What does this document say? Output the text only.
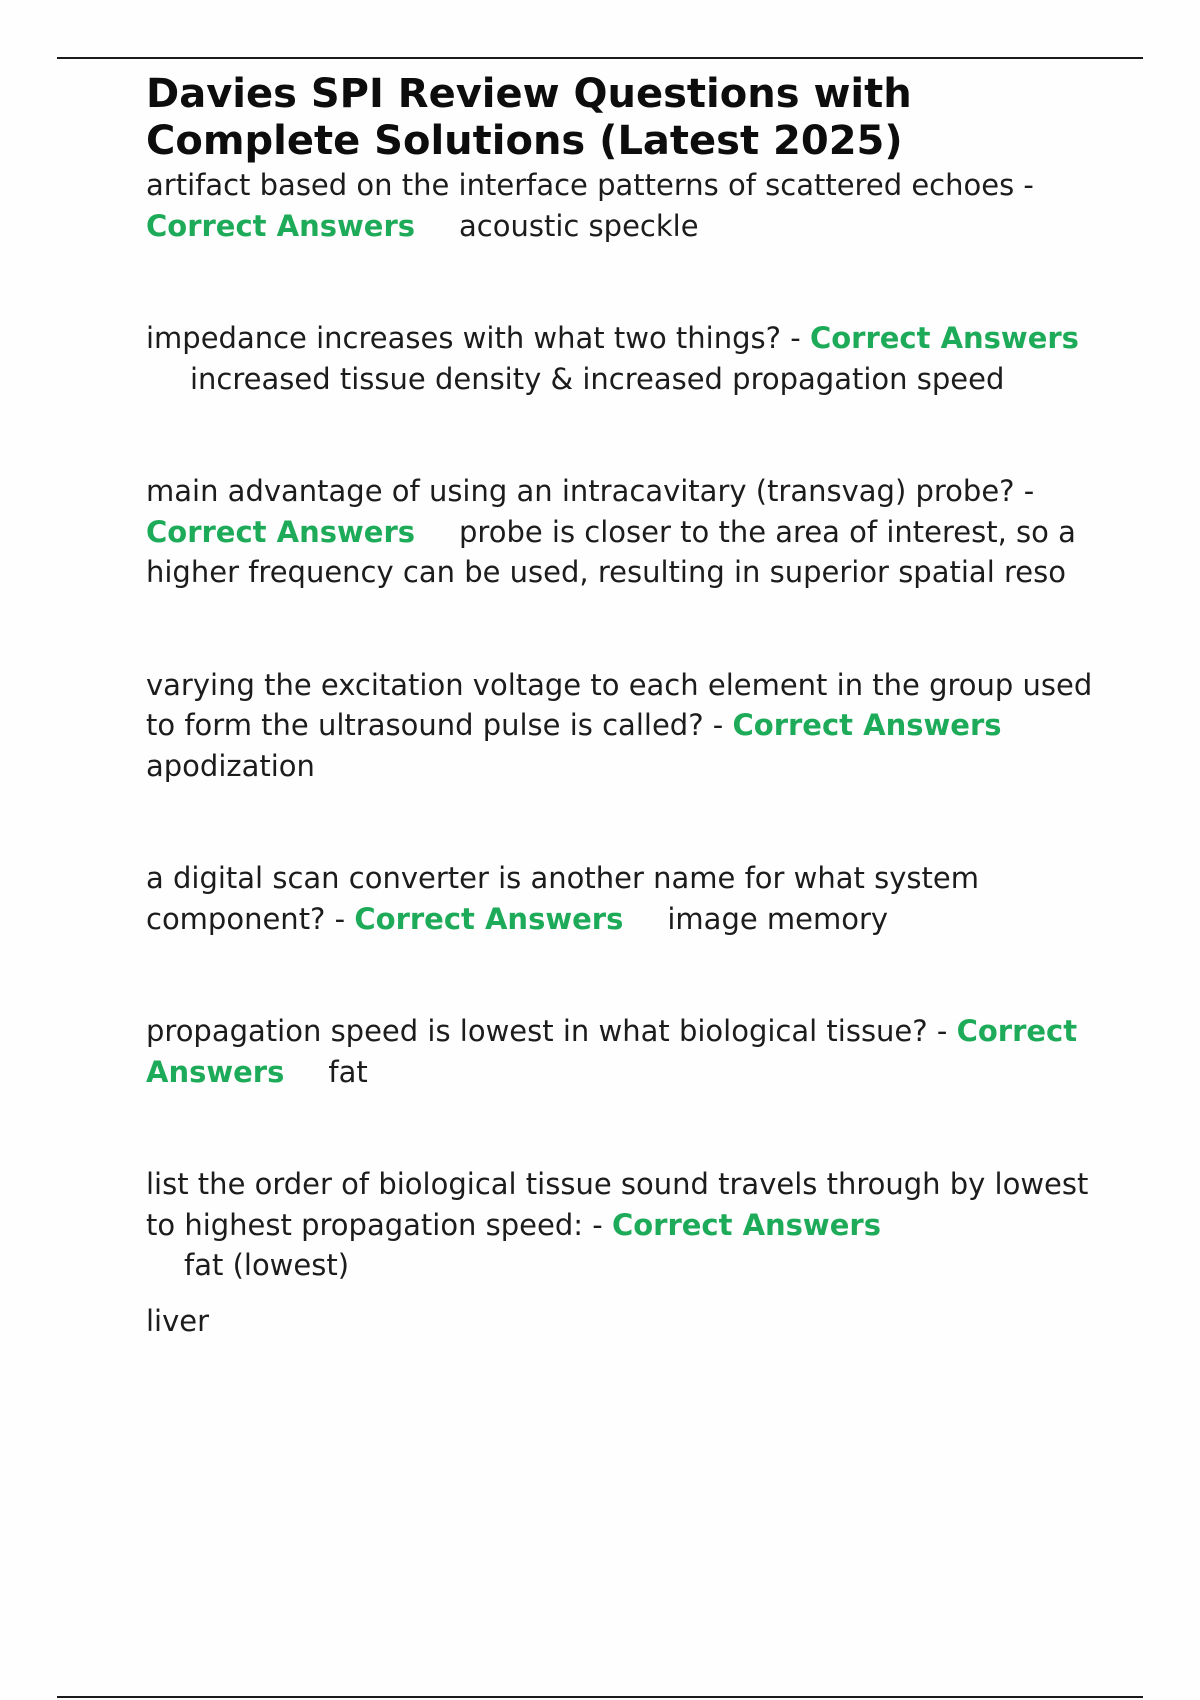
Davies SPI Review Questions with Complete Solutions (Latest 2025)

artifact based on the interface patterns of scattered echoes - Correct Answers acoustic speckle

impedance increases with what two things? - Correct Answersincreased tissue density & increased propagation speed

main advantage of using an intracavitary (transvag) probe? - Correct Answers probe is closer to the area of interest, so a higher frequency can be used, resulting in superior spatial reso

varying the excitation voltage to each element in the group used to form the ultrasound pulse is called? - Correct Answersapodization

a digital scan converter is another name for what system component? - Correct Answers image memory

propagation speed is lowest in what biological tissue? - Correct Answers fat

list the order of biological tissue sound travels through by lowest to highest propagation speed: - Correct Answers
fat (lowest)

liver
